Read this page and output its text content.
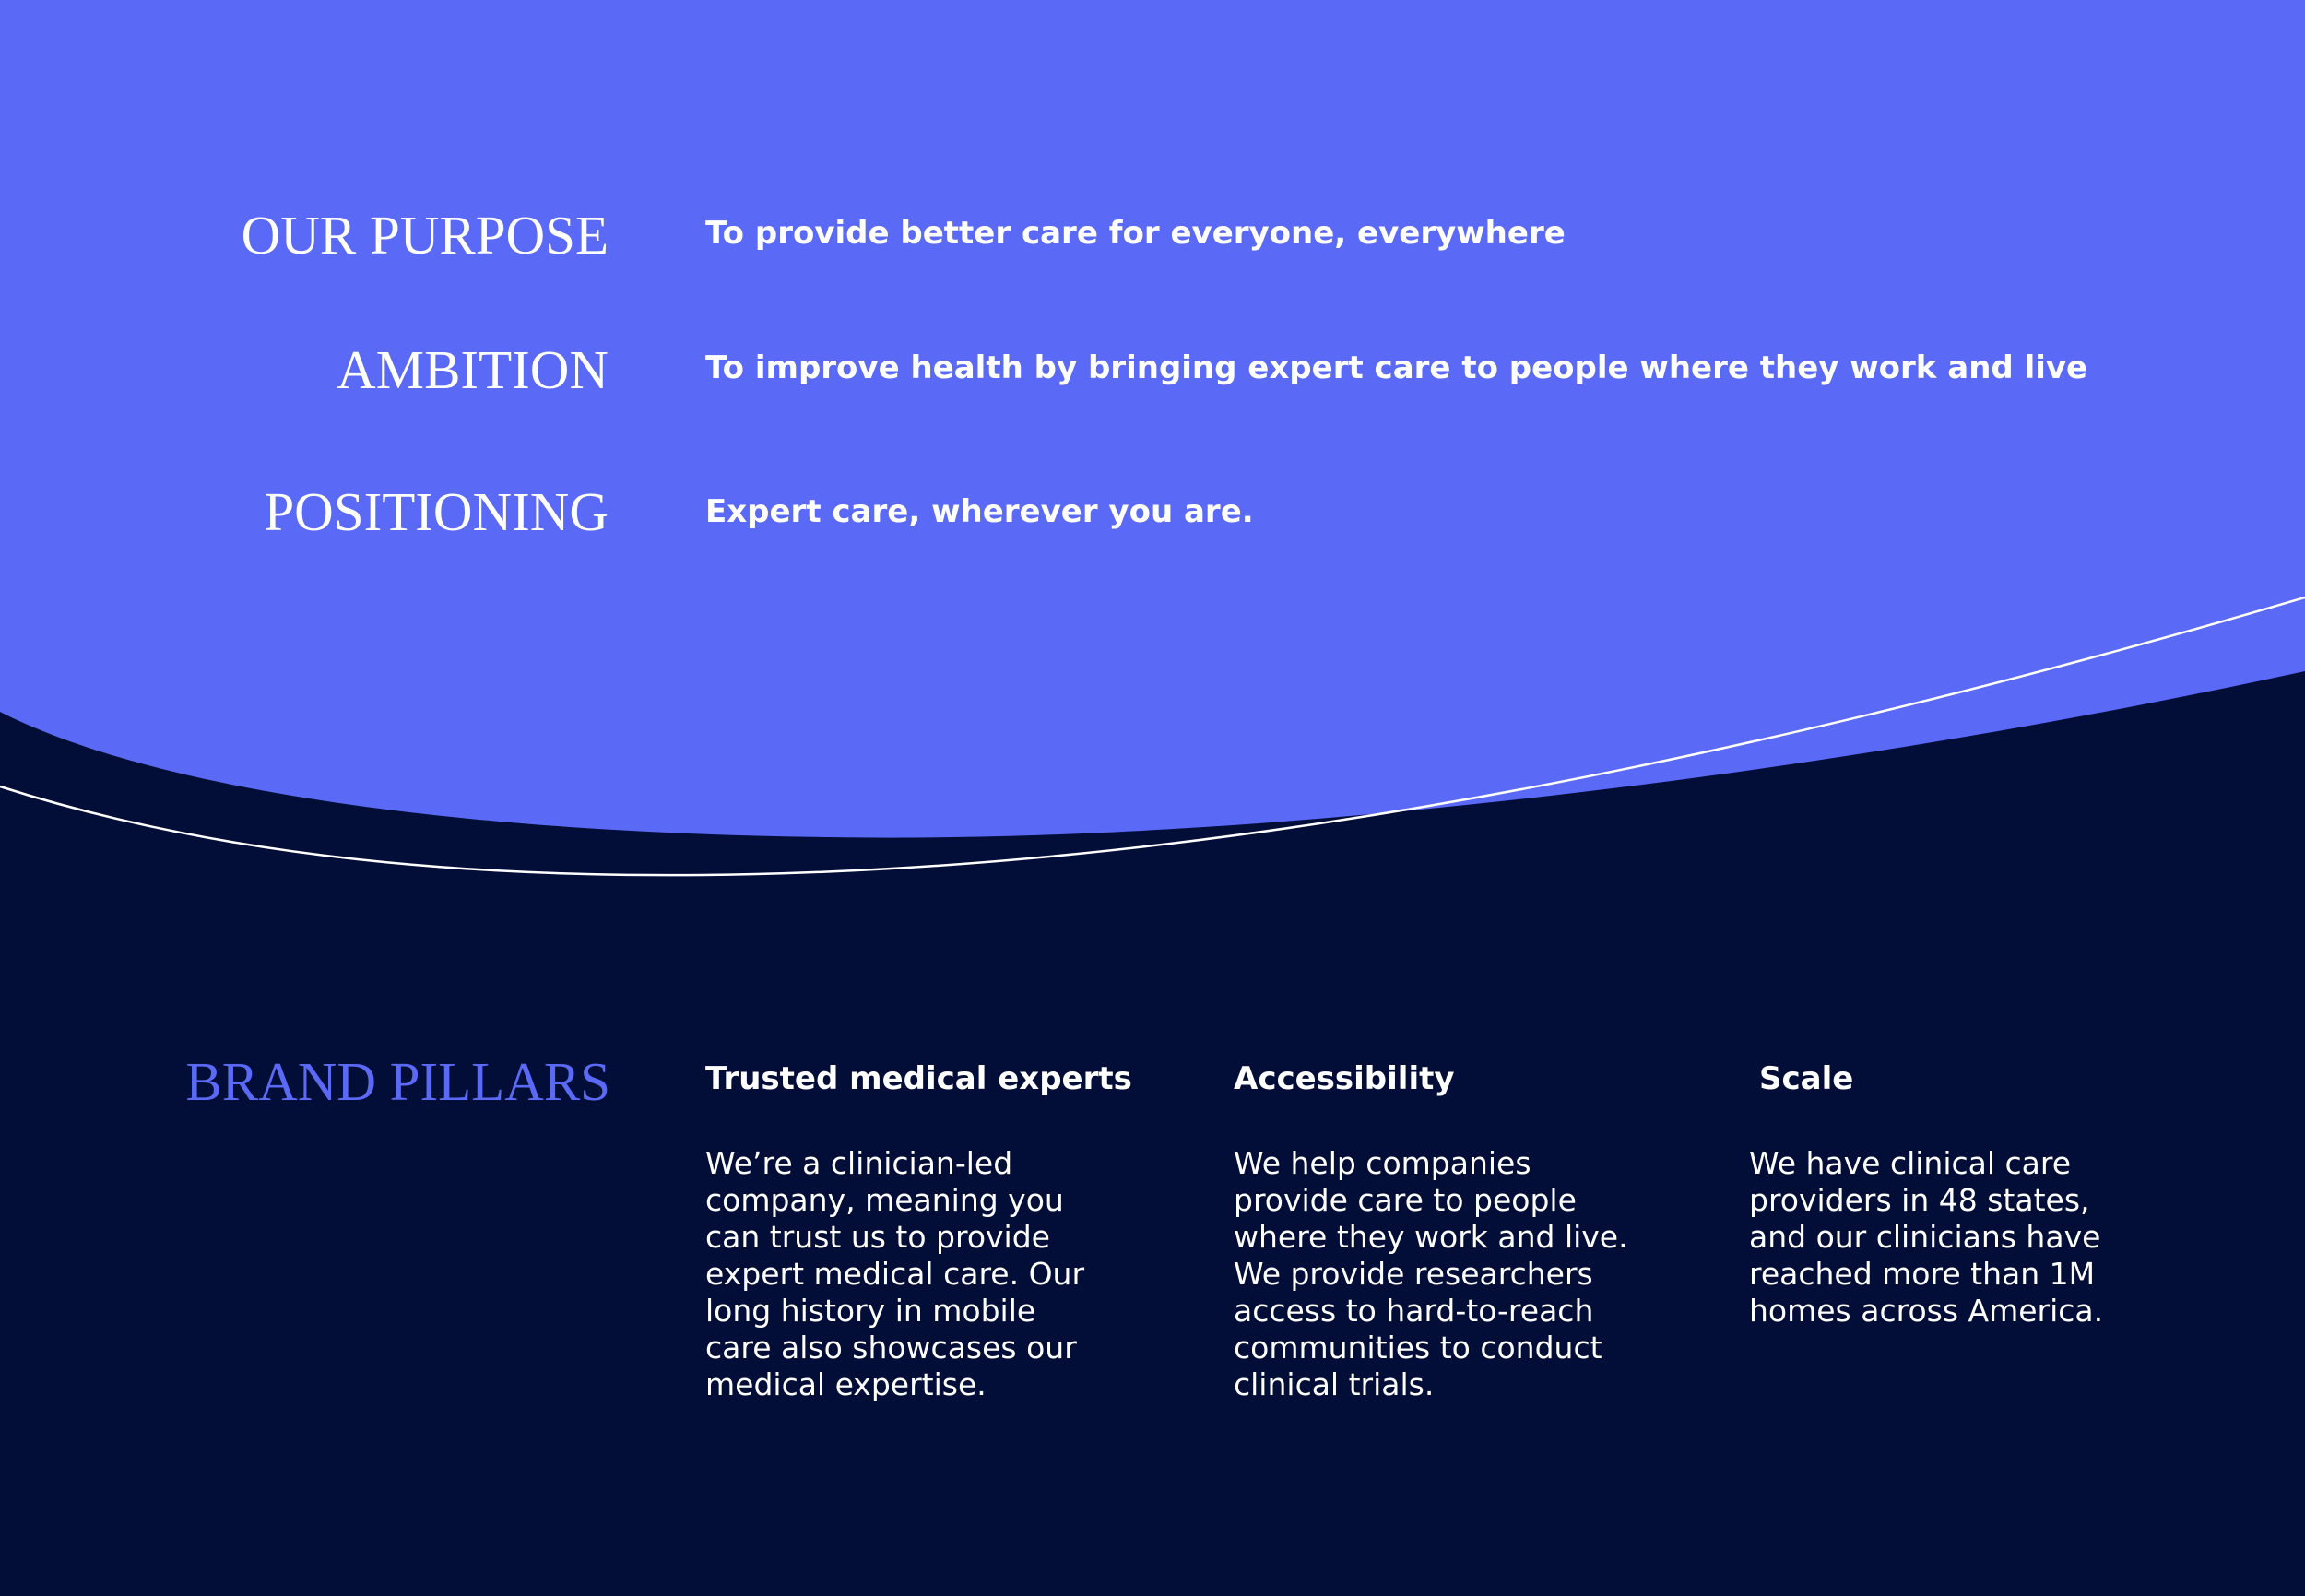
OUR PURPOSE	To provide better care for everyone, everywhere

AMBITION	To improve health by bringing expert care to people where they work and live

POSITIONING	Expert care, wherever you are.

BRAND PILLARS	Trusted medical experts

We’re a clinician-led
company, meaning you
can trust us to provide
expert medical care. Our
long history in mobile
care also showcases our
medical expertise.

Accessibility

We help companies
provide care to people
where they work and live.
We provide researchers
access to hard-to-reach
communities to conduct
clinical trials.

Scale

We have clinical care
providers in 48 states,
and our clinicians have
reached more than 1M
homes across America.
